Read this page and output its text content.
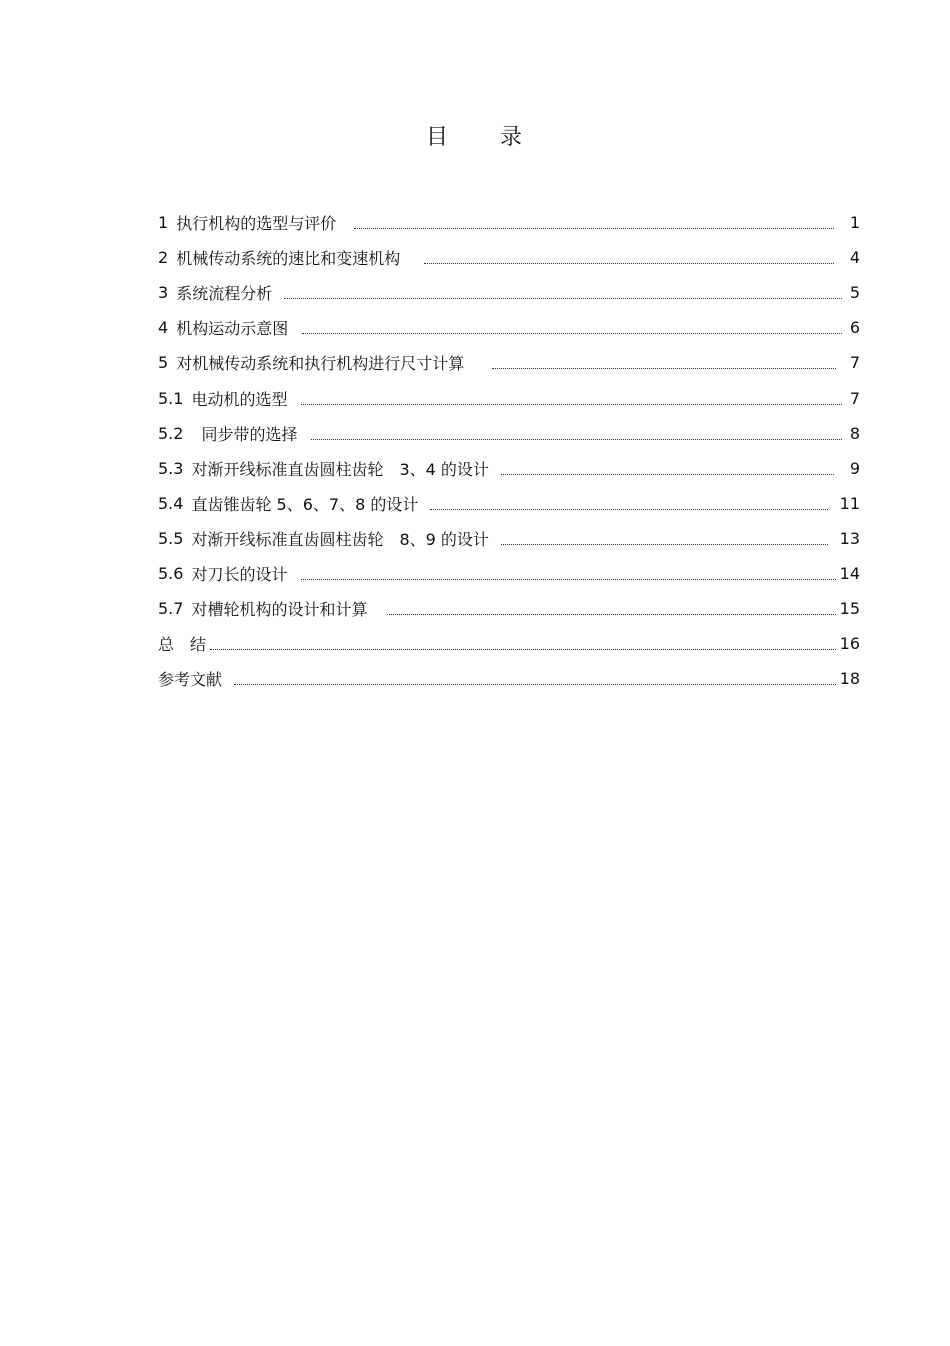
目 录
1 执行机构的选型与评价	1
2 机械传动系统的速比和变速机构	4
3 系统流程分析	5
4 机构运动示意图	6
5 对机械传动系统和执行机构进行尺寸计算	7
5.1 电动机的选型	7
5.2 同步带的选择	8
5.3 对渐开线标准直齿圆柱齿轮　3、4 的设计	9
5.4 直齿锥齿轮 5、6、7、8 的设计	11
5.5 对渐开线标准直齿圆柱齿轮　8、9 的设计	13
5.6 对刀长的设计	14
5.7 对槽轮机构的设计和计算	15
总　结	16
参考文献	18
